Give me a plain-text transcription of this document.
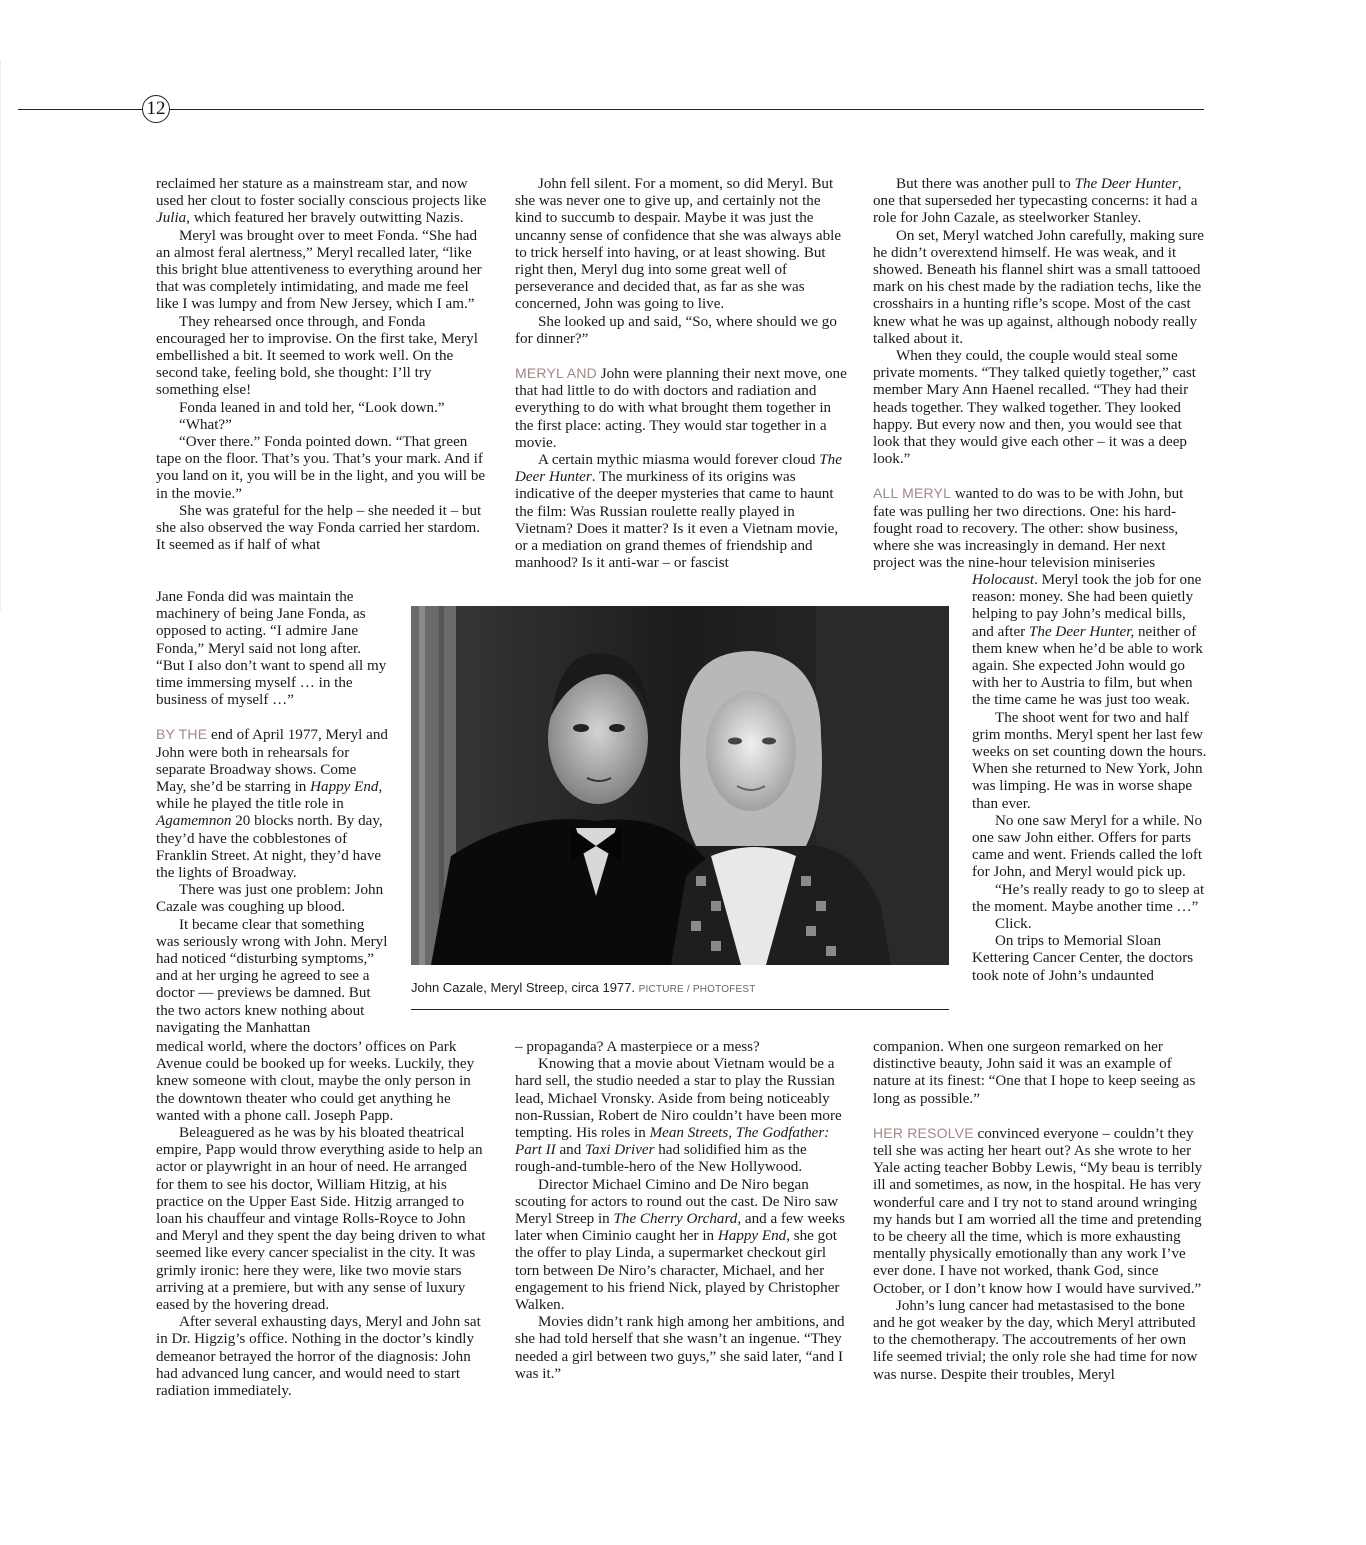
12

reclaimed her stature as a mainstream star, and now used her clout to foster socially conscious projects like Julia, which featured her bravely outwitting Nazis.

Meryl was brought over to meet Fonda. “She had an almost feral alertness,” Meryl recalled later, “like this bright blue attentiveness to everything around her that was completely intimidating, and made me feel like I was lumpy and from New Jersey, which I am.”

They rehearsed once through, and Fonda encouraged her to improvise. On the first take, Meryl embellished a bit. It seemed to work well. On the second take, feeling bold, she thought: I’ll try something else!

Fonda leaned in and told her, “Look down.”

“What?”

“Over there.” Fonda pointed down. “That green tape on the floor. That’s you. That’s your mark. And if you land on it, you will be in the light, and you will be in the movie.”

She was grateful for the help – she needed it – but she also observed the way Fonda carried her stardom. It seemed as if half of what

Jane Fonda did was maintain the machinery of being Jane Fonda, as opposed to acting. “I admire Jane Fonda,” Meryl said not long after. “But I also don’t want to spend all my time immersing myself … in the business of myself …”

BY THE end of April 1977, Meryl and John were both in rehearsals for separate Broadway shows. Come May, she’d be starring in Happy End, while he played the title role in Agamemnon 20 blocks north. By day, they’d have the cobblestones of Franklin Street. At night, they’d have the lights of Broadway.

There was just one problem: John Cazale was coughing up blood.

It became clear that something was seriously wrong with John. Meryl had noticed “disturbing symptoms,” and at her urging he agreed to see a doctor — previews be damned. But the two actors knew nothing about navigating the Manhattan

medical world, where the doctors’ offices on Park Avenue could be booked up for weeks. Luckily, they knew someone with clout, maybe the only person in the downtown theater who could get anything he wanted with a phone call. Joseph Papp.

Beleaguered as he was by his bloated theatrical empire, Papp would throw everything aside to help an actor or playwright in an hour of need. He arranged for them to see his doctor, William Hitzig, at his practice on the Upper East Side. Hitzig arranged to loan his chauffeur and vintage Rolls-Royce to John and Meryl and they spent the day being driven to what seemed like every cancer specialist in the city. It was grimly ironic: here they were, like two movie stars arriving at a premiere, but with any sense of luxury eased by the hovering dread.

After several exhausting days, Meryl and John sat in Dr. Higzig’s office. Nothing in the doctor’s kindly demeanor betrayed the horror of the diagnosis: John had advanced lung cancer, and would need to start radiation immediately.

John fell silent. For a moment, so did Meryl. But she was never one to give up, and certainly not the kind to succumb to despair. Maybe it was just the uncanny sense of confidence that she was always able to trick herself into having, or at least showing. But right then, Meryl dug into some great well of perseverance and decided that, as far as she was concerned, John was going to live.

She looked up and said, “So, where should we go for dinner?”

MERYL AND John were planning their next move, one that had little to do with doctors and radiation and everything to do with what brought them together in the first place: acting. They would star together in a movie.

A certain mythic miasma would forever cloud The Deer Hunter. The murkiness of its origins was indicative of the deeper mysteries that came to haunt the film: Was Russian roulette really played in Vietnam? Does it matter? Is it even a Vietnam movie, or a mediation on grand themes of friendship and manhood? Is it anti-war – or fascist

– propaganda? A masterpiece or a mess?

Knowing that a movie about Vietnam would be a hard sell, the studio needed a star to play the Russian lead, Michael Vronsky. Aside from being noticeably non-Russian, Robert de Niro couldn’t have been more tempting. His roles in Mean Streets, The Godfather: Part II and Taxi Driver had solidified him as the rough-and-tumble-hero of the New Hollywood.

Director Michael Cimino and De Niro began scouting for actors to round out the cast. De Niro saw Meryl Streep in The Cherry Orchard, and a few weeks later when Ciminio caught her in Happy End, she got the offer to play Linda, a supermarket checkout girl torn between De Niro’s character, Michael, and her engagement to his friend Nick, played by Christopher Walken.

Movies didn’t rank high among her ambitions, and she had told herself that she wasn’t an ingenue. “They needed a girl between two guys,” she said later, “and I was it.”

But there was another pull to The Deer Hunter, one that superseded her typecasting concerns: it had a role for John Cazale, as steelworker Stanley.

On set, Meryl watched John carefully, making sure he didn’t overextend himself. He was weak, and it showed. Beneath his flannel shirt was a small tattooed mark on his chest made by the radiation techs, like the crosshairs in a hunting rifle’s scope. Most of the cast knew what he was up against, although nobody really talked about it.

When they could, the couple would steal some private moments. “They talked quietly together,” cast member Mary Ann Haenel recalled. “They had their heads together. They walked together. They looked happy. But every now and then, you would see that look that they would give each other – it was a deep look.”

ALL MERYL wanted to do was to be with John, but fate was pulling her two directions. One: his hard-fought road to recovery. The other: show business, where she was increasingly in demand. Her next project was the nine-hour television miniseries

Holocaust. Meryl took the job for one reason: money. She had been quietly helping to pay John’s medical bills, and after The Deer Hunter, neither of them knew when he’d be able to work again. She expected John would go with her to Austria to film, but when the time came he was just too weak.

The shoot went for two and half grim months. Meryl spent her last few weeks on set counting down the hours. When she returned to New York, John was limping. He was in worse shape than ever.

No one saw Meryl for a while. No one saw John either. Offers for parts came and went. Friends called the loft for John, and Meryl would pick up.

“He’s really ready to go to sleep at the moment. Maybe another time …”

Click.

On trips to Memorial Sloan Kettering Cancer Center, the doctors took note of John’s undaunted

companion. When one surgeon remarked on her distinctive beauty, John said it was an example of nature at its finest: “One that I hope to keep seeing as long as possible.”

HER RESOLVE convinced everyone – couldn’t they tell she was acting her heart out? As she wrote to her Yale acting teacher Bobby Lewis, “My beau is terribly ill and sometimes, as now, in the hospital. He has very wonderful care and I try not to stand around wringing my hands but I am worried all the time and pretending to be cheery all the time, which is more exhausting mentally physically emotionally than any work I’ve ever done. I have not worked, thank God, since October, or I don’t know how I would have survived.”

John’s lung cancer had metastasised to the bone and he got weaker by the day, which Meryl attributed to the chemotherapy. The accoutrements of her own life seemed trivial; the only role she had time for now was nurse. Despite their troubles, Meryl

John Cazale, Meryl Streep, circa 1977. PICTURE / PHOTOFEST
